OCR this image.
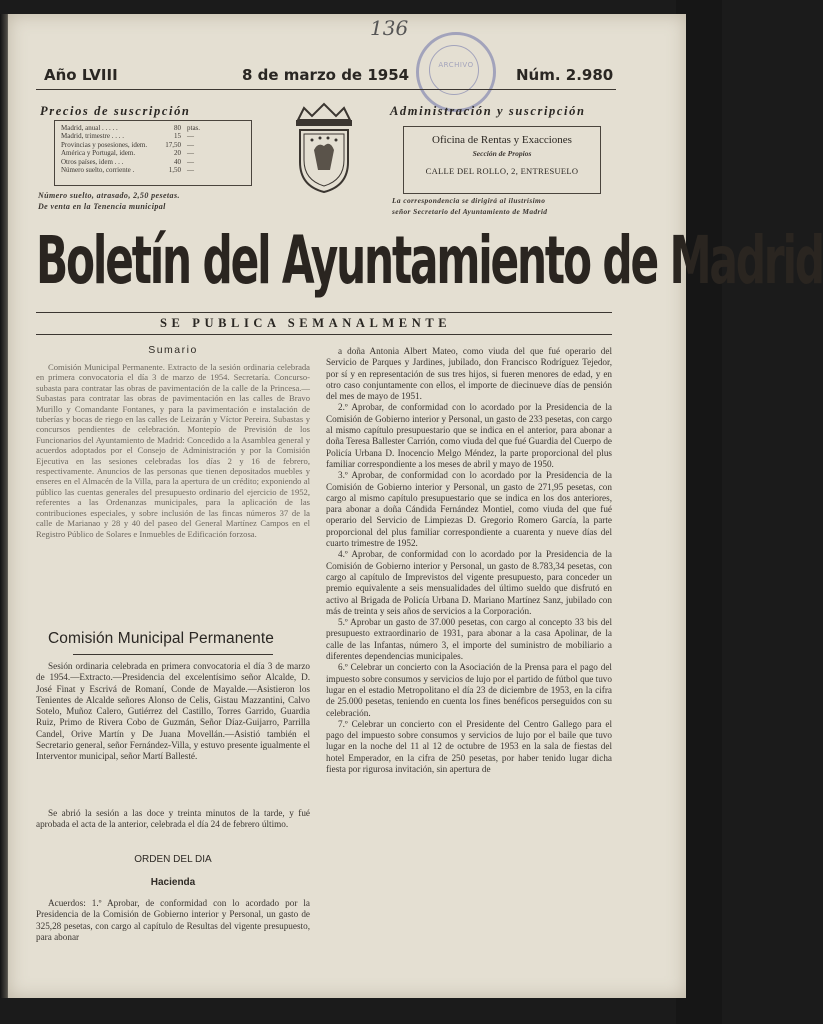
136
ARCHIVO
Año LVIII	8 de marzo de 1954	Núm. 2.980
Precios de suscripción
Madrid, anual . . . . .	80 ptas.
Madrid, trimestre . . . .	15 —
Provincias y posesiones, idem.	17,50 —
América y Portugal, idem.	20 —
Otros países, idem . . .	40 —
Número suelto, corriente .	1,50 —
Número suelto, atrasado, 2,50 pesetas.
De venta en la Tenencia municipal
Administración y suscripción
Oficina de Rentas y Exacciones
Sección de Propios
CALLE DEL ROLLO, 2, ENTRESUELO
La correspondencia se dirigirá al ilustrísimo
señor Secretario del Ayuntamiento de Madrid
Boletín del Ayuntamiento de Madrid
SE PUBLICA SEMANALMENTE
Sumario

Comisión Municipal Permanente. Extracto de la sesión ordinaria celebrada en primera convocatoria el día 3 de marzo de 1954. Secretaría. Concurso-subasta para contratar las obras de pavimentación de la calle de la Princesa.—Subastas para contratar las obras de pavimentación en las calles de Bravo Murillo y Comandante Fontanes, y para la pavimentación e instalación de tuberías y bocas de riego en las calles de Leizarán y Víctor Pereira. Subastas y concursos pendientes de celebración. Montepío de Previsión de los Funcionarios del Ayuntamiento de Madrid: Concedido a la Asamblea general y acuerdos adoptados por el Consejo de Administración y por la Comisión Ejecutiva en las sesiones celebradas los días 2 y 16 de febrero, respectivamente. Anuncios de las personas que tienen depositados muebles y enseres en el Almacén de la Villa, para la apertura de un crédito; exponiendo al público las cuentas generales del presupuesto ordinario del ejercicio de 1952, referentes a las Ordenanzas municipales, para la aplicación de las contribuciones especiales, y sobre inclusión de las fincas números 37 de la calle de Marianao y 28 y 40 del paseo del General Martínez Campos en el Registro Público de Solares e Inmuebles de Edificación forzosa.

Comisión Municipal Permanente

Sesión ordinaria celebrada en primera convocatoria el día 3 de marzo de 1954.—Extracto.—Presidencia del excelentísimo señor Alcalde, D. José Finat y Escrivá de Romaní, Conde de Mayalde.—Asistieron los Tenientes de Alcalde señores Alonso de Celis, Gistau Mazzantini, Calvo Sotelo, Muñoz Calero, Gutiérrez del Castillo, Torres Garrido, Guardia Ruiz, Primo de Rivera Cobo de Guzmán, Señor Díaz-Guijarro, Parrilla Candel, Orive Martín y De Juana Movellán.—Asistió también el Secretario general, señor Fernández-Villa, y estuvo presente igualmente el Interventor municipal, señor Martí Ballesté.

Se abrió la sesión a las doce y treinta minutos de la tarde, y fué aprobada el acta de la anterior, celebrada el día 24 de febrero último.

ORDEN DEL DIA
Hacienda

Acuerdos: 1.º Aprobar, de conformidad con lo acordado por la Presidencia de la Comisión de Gobierno interior y Personal, un gasto de 325,28 pesetas, con cargo al capítulo de Resultas del vigente presupuesto, para abonar

a doña Antonia Albert Mateo, como viuda del que fué operario del Servicio de Parques y Jardines, jubilado, don Francisco Rodríguez Tejedor, por sí y en representación de sus tres hijos, si fueren menores de edad, y en otro caso conjuntamente con ellos, el importe de diecinueve días de pensión del mes de mayo de 1951.

2.º Aprobar, de conformidad con lo acordado por la Presidencia de la Comisión de Gobierno interior y Personal, un gasto de 233 pesetas, con cargo al mismo capítulo presupuestario que se indica en el anterior, para abonar a doña Teresa Ballester Carrión, como viuda del que fué Guardia del Cuerpo de Policía Urbana D. Inocencio Melgo Méndez, la parte proporcional del plus familiar correspondiente a los meses de abril y mayo de 1950.

3.º Aprobar, de conformidad con lo acordado por la Presidencia de la Comisión de Gobierno interior y Personal, un gasto de 271,95 pesetas, con cargo al mismo capítulo presupuestario que se indica en los dos anteriores, para abonar a doña Cándida Fernández Montiel, como viuda del que fué operario del Servicio de Limpiezas D. Gregorio Romero García, la parte proporcional del plus familiar correspondiente a cuarenta y nueve días del cuarto trimestre de 1952.

4.º Aprobar, de conformidad con lo acordado por la Presidencia de la Comisión de Gobierno interior y Personal, un gasto de 8.783,34 pesetas, con cargo al capítulo de Imprevistos del vigente presupuesto, para conceder un premio equivalente a seis mensualidades del último sueldo que disfrutó en activo al Brigada de Policía Urbana D. Mariano Martínez Sanz, jubilado con más de treinta y seis años de servicios a la Corporación.

5.º Aprobar un gasto de 37.000 pesetas, con cargo al concepto 33 bis del presupuesto extraordinario de 1931, para abonar a la casa Apolinar, de la calle de las Infantas, número 3, el importe del suministro de mobiliario a diferentes dependencias municipales.

6.º Celebrar un concierto con la Asociación de la Prensa para el pago del impuesto sobre consumos y servicios de lujo por el partido de fútbol que tuvo lugar en el estadio Metropolitano el día 23 de diciembre de 1953, en la cifra de 25.000 pesetas, teniendo en cuenta los fines benéficos perseguidos con su celebración.

7.º Celebrar un concierto con el Presidente del Centro Gallego para el pago del impuesto sobre consumos y servicios de lujo por el baile que tuvo lugar en la noche del 11 al 12 de octubre de 1953 en la sala de fiestas del hotel Emperador, en la cifra de 250 pesetas, por haber tenido lugar dicha fiesta por rigurosa invitación, sin apertura de
